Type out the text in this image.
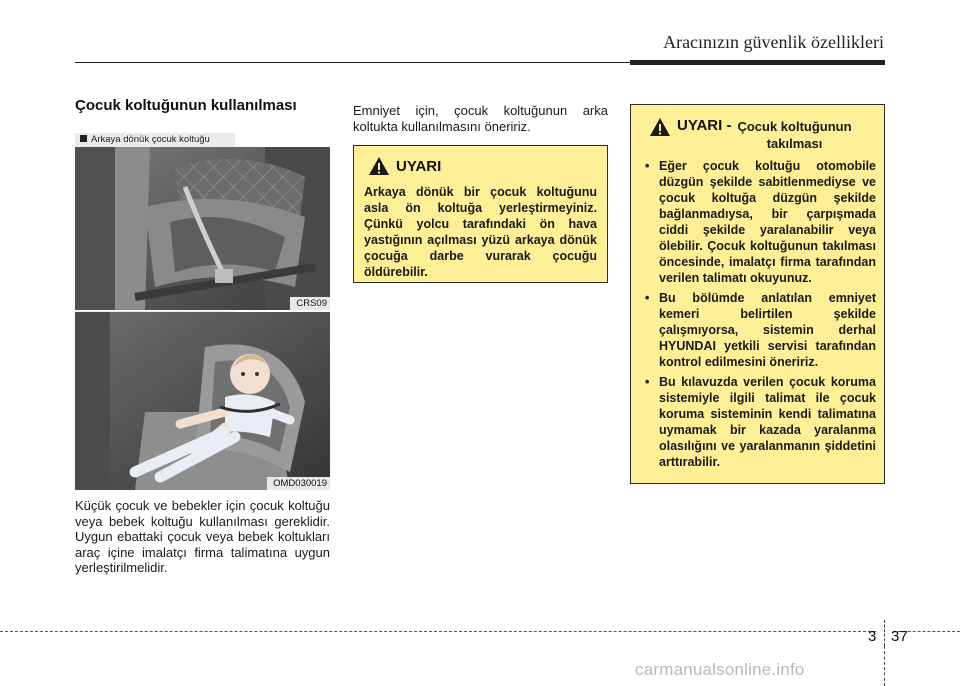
Aracınızın güvenlik özellikleri
Çocuk koltuğunun kullanılması
Arkaya dönük çocuk koltuğu
CRS09
OMD030019

Küçük çocuk ve bebekler için çocuk koltuğu veya bebek koltuğu kullanılması gereklidir. Uygun ebattaki çocuk veya bebek koltukları araç içine imalatçı firma talimatına uygun yerleştirilmelidir.

Emniyet için, çocuk koltuğunun arka koltukta kullanılmasını öneririz.

UYARI

Arkaya dönük bir çocuk koltuğunu asla ön koltuğa yerleştirmeyiniz. Çünkü yolcu tarafındaki ön hava yastığının açılması yüzü arkaya dönük çocuğa darbe vurarak çocuğu öldürebilir.

UYARI - Çocuk koltuğunun
takılması
• Eğer çocuk koltuğu otomobile düzgün şekilde sabitlenmediyse ve çocuk koltuğa düzgün şekilde bağlanmadıysa, bir çarpışmada ciddi şekilde yaralanabilir veya ölebilir. Çocuk koltuğunun takılması öncesinde, imalatçı firma tarafından verilen talimatı okuyunuz.
• Bu bölümde anlatılan emniyet kemeri belirtilen şekilde çalışmıyorsa, sistemin derhal HYUNDAI yetkili servisi tarafından kontrol edilmesini öneririz.
• Bu kılavuzda verilen çocuk koruma sistemiyle ilgili talimat ile çocuk koruma sisteminin kendi talimatına uymamak bir kazada yaralanma olasılığını ve yaralanmanın şiddetini arttırabilir.
3 37
carmanualsonline.info
